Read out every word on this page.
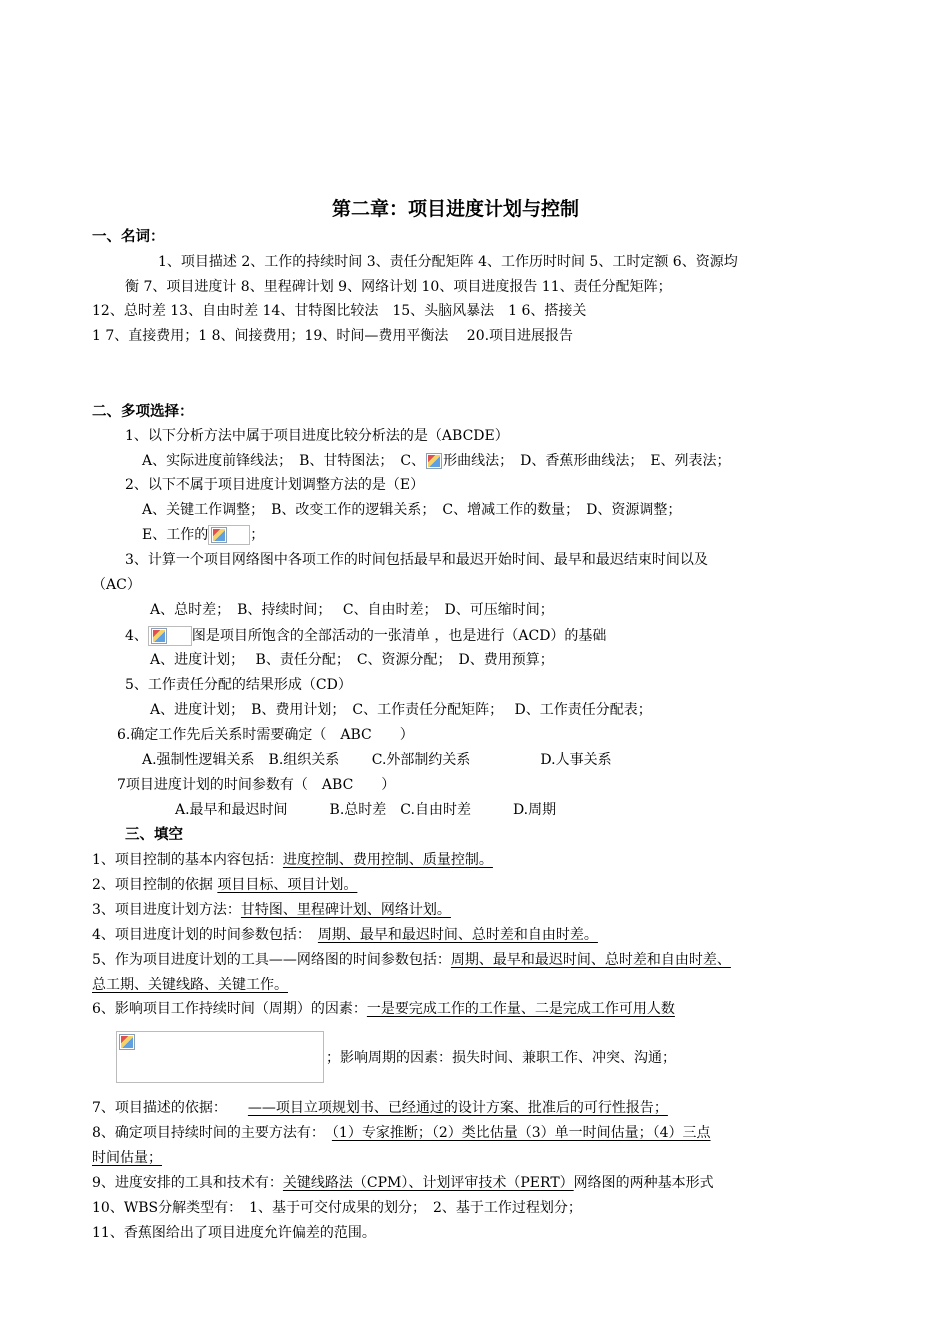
第二章：项目进度计划与控制
一、名词：
1、项目描述 2、工作的持续时间 3、责任分配矩阵 4、工作历时时间 5、工时定额 6、资源均
衡 7、项目进度计 8、里程碑计划 9、网络计划 10、项目进度报告 11、责任分配矩阵；
12、总时差 13、自由时差 14、甘特图比较法　15、头脑风暴法　1 6、搭接关
1 7、直接费用；1 8、间接费用；19、时间—费用平衡法　 20.项目进展报告
二、多项选择：
1、以下分析方法中属于项目进度比较分析法的是（ABCDE）
A、实际进度前锋线法；　B、甘特图法；　C、 形曲线法；　D、香蕉形曲线法；　E、列表法；
2、以下不属于项目进度计划调整方法的是（E）
A、关键工作调整；　B、改变工作的逻辑关系；　C、增减工作的数量；　D、资源调整；
E、工作的	；
3、计算一个项目网络图中各项工作的时间包括最早和最迟开始时间、最早和最迟结束时间以及
（AC）
A、总时差；　B、持续时间；　 C、自由时差；　D、可压缩时间；
4、	图是项目所饱含的全部活动的一张清单 ，也是进行（ACD）的基础
A、进度计划；　 B、责任分配；　C、资源分配；　D、费用预算；
5、工作责任分配的结果形成（CD）
A、进度计划；　B、费用计划；　C、工作责任分配矩阵；　 D、工作责任分配表；
6.确定工作先后关系时需要确定（　ABC　　）
A.强制性逻辑关系　B.组织关系　　 C.外部制约关系　　　　　D.人事关系
7项目进度计划的时间参数有（　ABC　　）
A.最早和最迟时间　　　B.总时差　C.自由时差　　　D.周期
三、填空
1、项目控制的基本内容包括：进度控制、费用控制、质量控制。
2、项目控制的依据 项目目标、项目计划。
3、项目进度计划方法：甘特图、里程碑计划、网络计划。
4、项目进度计划的时间参数包括：　周期、最早和最迟时间、总时差和自由时差。
5、作为项目进度计划的工具——网络图的时间参数包括：周期、最早和最迟时间、总时差和自由时差、
总工期、关键线路、关键工作。
6、影响项目工作持续时间（周期）的因素：一是要完成工作的工作量、二是完成工作可用人数
；影响周期的因素：损失时间、兼职工作、冲突、沟通；
7、项目描述的依据：　　——项目立项规划书、已经通过的设计方案、批准后的可行性报告；
8、确定项目持续时间的主要方法有：　（1）专家推断；（2）类比估量（3）单一时间估量；（4）三点
时间估量；
9、进度安排的工具和技术有：关键线路法（CPM）、计划评审技术（PERT）网络图的两种基本形式
10、WBS分解类型有：　1、基于可交付成果的划分；　2、基于工作过程划分；
11、香蕉图给出了项目进度允许偏差的范围。
